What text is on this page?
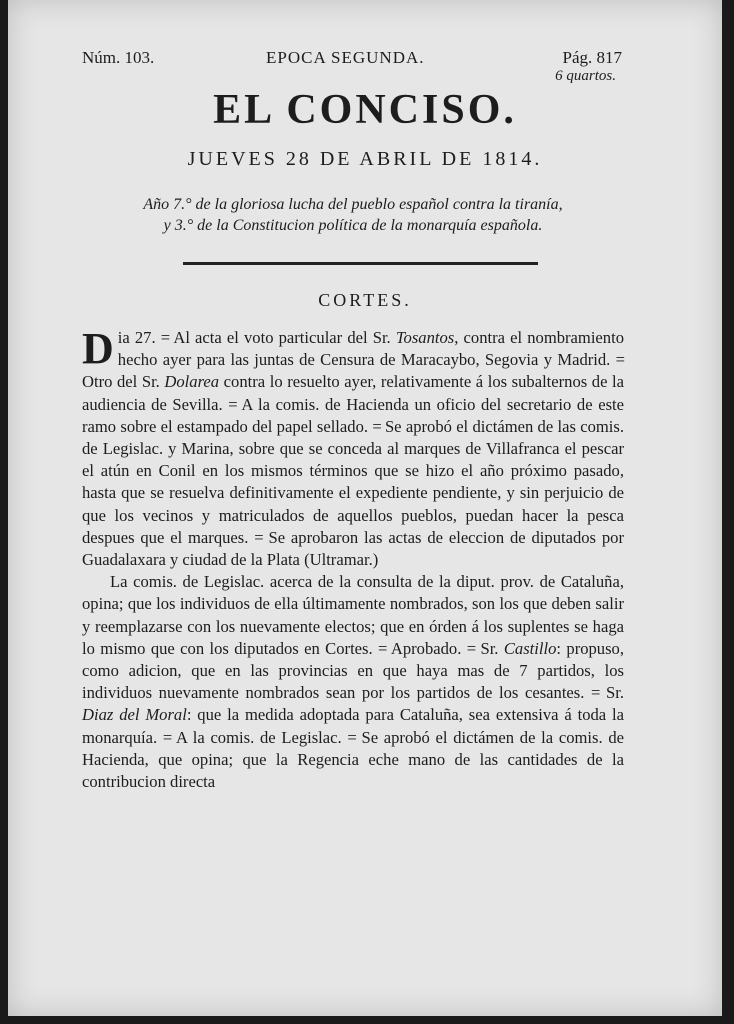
Núm. 103.	EPOCA SEGUNDA.	Pág. 817
6 quartos.
EL CONCISO.
JUEVES 28 DE ABRIL DE 1814.
Año 7.° de la gloriosa lucha del pueblo español contra la tiranía,
y 3.° de la Constitucion política de la monarquía española.
CORTES.

Dia 27. = Al acta el voto particular del Sr. Tosantos, contra el nombramiento hecho ayer para las juntas de Censura de Maracaybo, Segovia y Madrid. = Otro del Sr. Dolarea contra lo resuelto ayer, relativamente á los subalternos de la audiencia de Sevilla. = A la comis. de Hacienda un oficio del secretario de este ramo sobre el estampado del papel sellado. = Se aprobó el dictámen de las comis. de Legislac. y Marina, sobre que se conceda al marques de Villafranca el pescar el atún en Conil en los mismos términos que se hizo el año próximo pasado, hasta que se resuelva definitivamente el expediente pendiente, y sin perjuicio de que los vecinos y matriculados de aquellos pueblos, puedan hacer la pesca despues que el marques. = Se aprobaron las actas de eleccion de diputados por Guadalaxara y ciudad de la Plata (Ultramar.)

La comis. de Legislac. acerca de la consulta de la diput. prov. de Cataluña, opina; que los individuos de ella últimamente nombrados, son los que deben salir y reemplazarse con los nuevamente electos; que en órden á los suplentes se haga lo mismo que con los diputados en Cortes. = Aprobado. = Sr. Castillo: propuso, como adicion, que en las provincias en que haya mas de 7 partidos, los individuos nuevamente nombrados sean por los partidos de los cesantes. = Sr. Diaz del Moral: que la medida adoptada para Cataluña, sea extensiva á toda la monarquía. = A la comis. de Legislac. = Se aprobó el dictámen de la comis. de Hacienda, que opina; que la Regencia eche mano de las cantidades de la contribucion directa
